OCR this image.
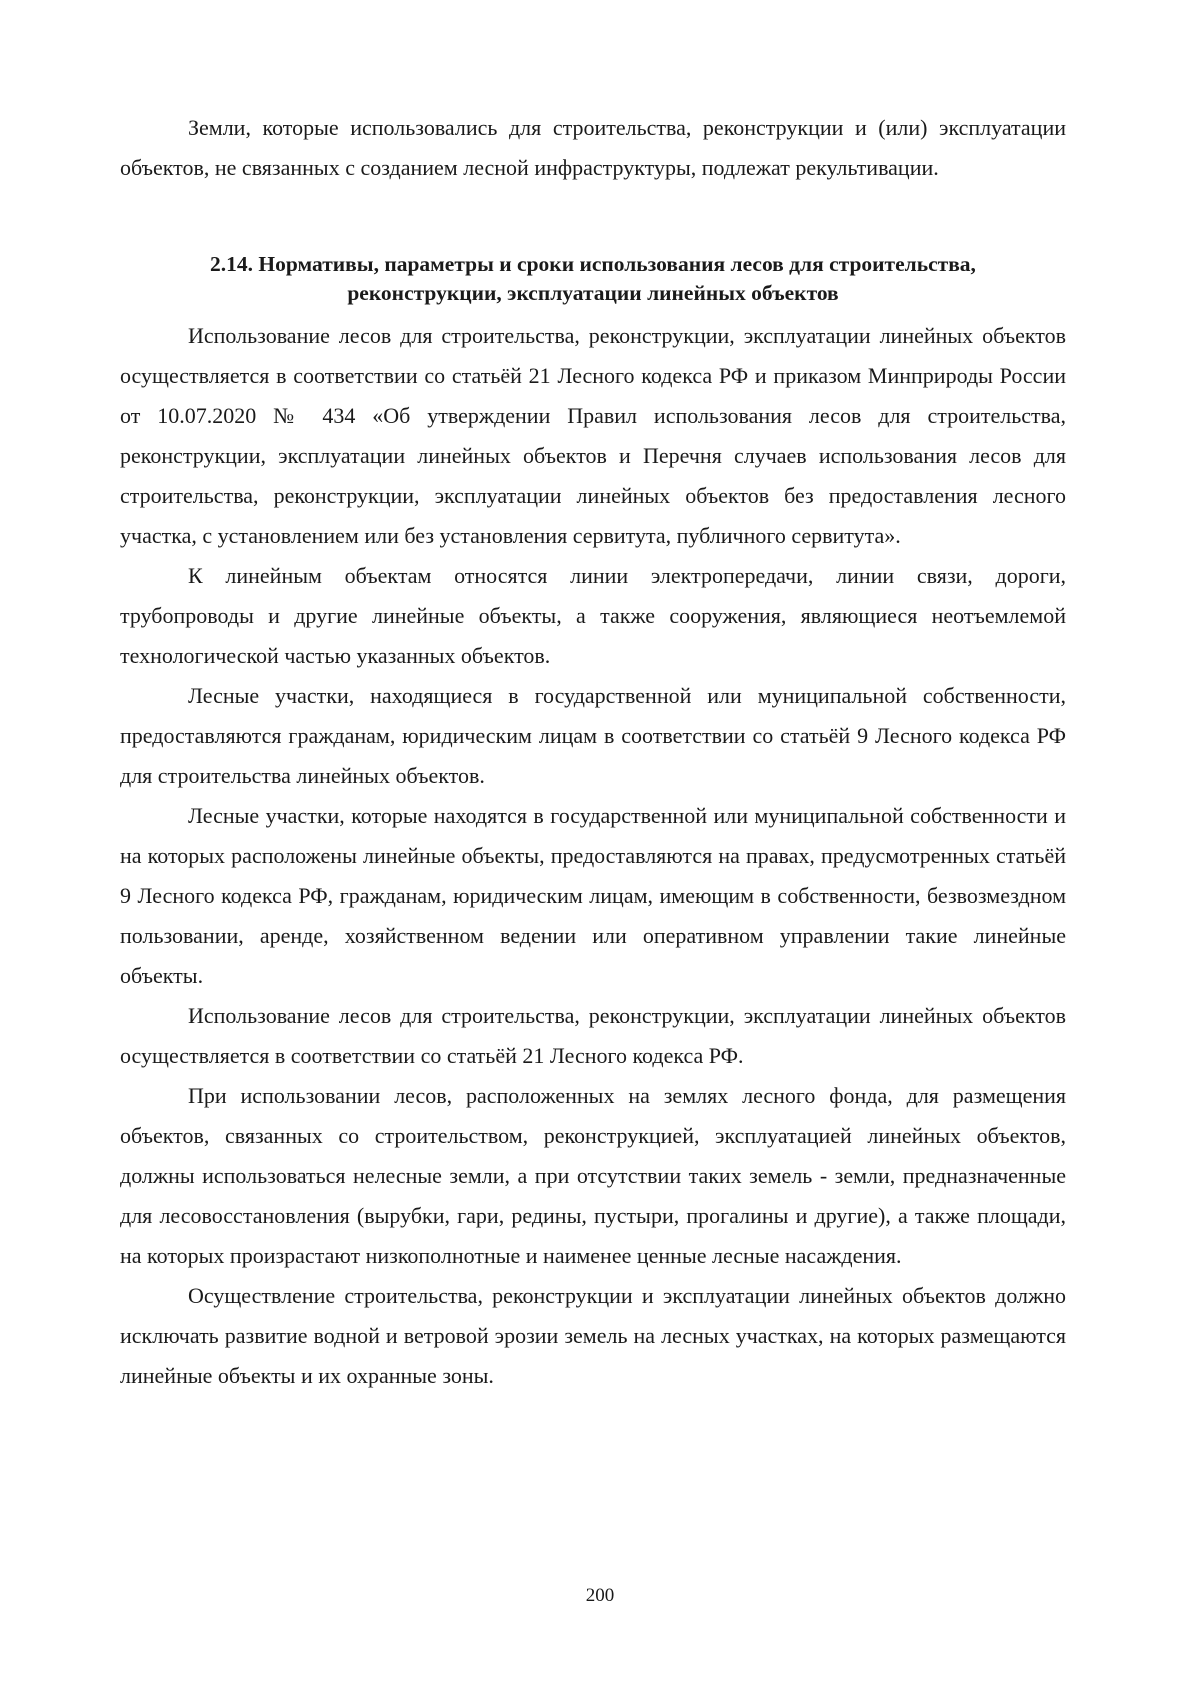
Земли, которые использовались для строительства, реконструкции и (или) эксплуатации объектов, не связанных с созданием лесной инфраструктуры, подлежат рекультивации.

2.14. Нормативы, параметры и сроки использования лесов для строительства,
реконструкции, эксплуатации линейных объектов

Использование лесов для строительства, реконструкции, эксплуатации линейных объектов осуществляется в соответствии со статьёй 21 Лесного кодекса РФ и приказом Минприроды России от 10.07.2020 № 434 «Об утверждении Правил использования лесов для строительства, реконструкции, эксплуатации линейных объектов и Перечня случаев использования лесов для строительства, реконструкции, эксплуатации линейных объектов без предоставления лесного участка, с установлением или без установления сервитута, публичного сервитута».

К линейным объектам относятся линии электропередачи, линии связи, дороги, трубопроводы и другие линейные объекты, а также сооружения, являющиеся неотъемлемой технологической частью указанных объектов.

Лесные участки, находящиеся в государственной или муниципальной собственности, предоставляются гражданам, юридическим лицам в соответствии со статьёй 9 Лесного кодекса РФ для строительства линейных объектов.

Лесные участки, которые находятся в государственной или муниципальной собственности и на которых расположены линейные объекты, предоставляются на правах, предусмотренных статьёй 9 Лесного кодекса РФ, гражданам, юридическим лицам, имеющим в собственности, безвозмездном пользовании, аренде, хозяйственном ведении или оперативном управлении такие линейные объекты.

Использование лесов для строительства, реконструкции, эксплуатации линейных объектов осуществляется в соответствии со статьёй 21 Лесного кодекса РФ.

При использовании лесов, расположенных на землях лесного фонда, для размещения объектов, связанных со строительством, реконструкцией, эксплуатацией линейных объектов, должны использоваться нелесные земли, а при отсутствии таких земель - земли, предназначенные для лесовосстановления (вырубки, гари, редины, пустыри, прогалины и другие), а также площади, на которых произрастают низкополнотные и наименее ценные лесные насаждения.

Осуществление строительства, реконструкции и эксплуатации линейных объектов должно исключать развитие водной и ветровой эрозии земель на лесных участках, на которых размещаются линейные объекты и их охранные зоны.

200
